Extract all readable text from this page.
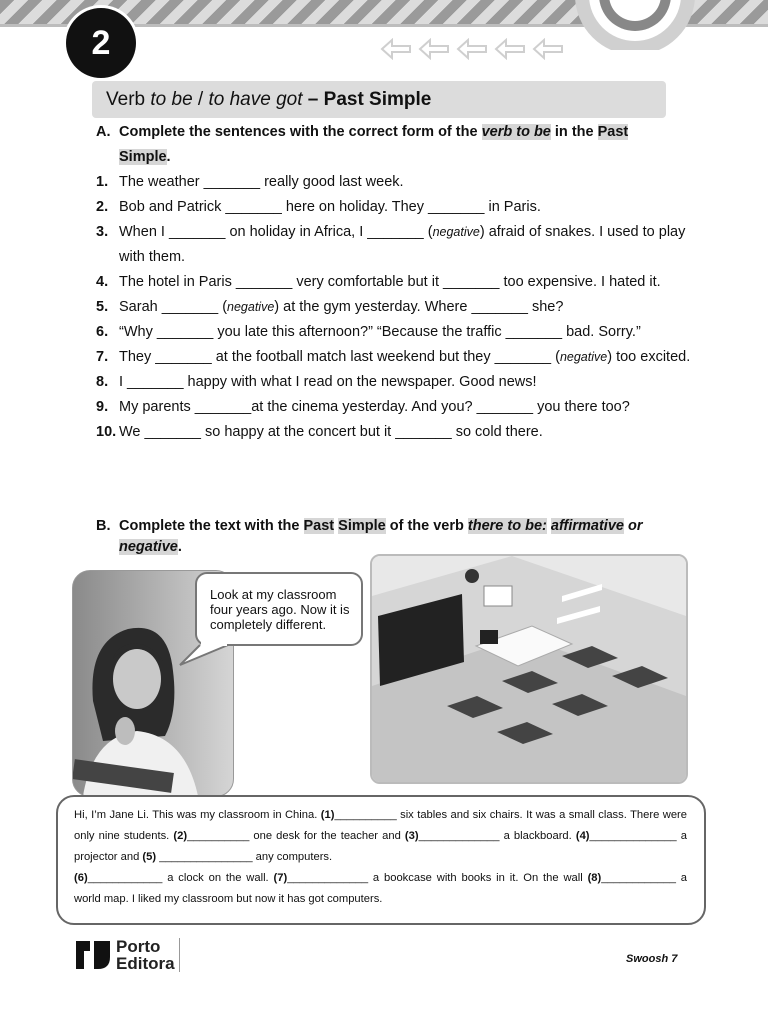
2
Verb to be / to have got – Past Simple
A. Complete the sentences with the correct form of the verb to be in the Past
Simple.

1. The weather _______ really good last week.

2. Bob and Patrick _______ here on holiday. They _______ in Paris.

3. When I _______ on holiday in Africa, I _______ (negative) afraid of snakes. I used to play with them.

4. The hotel in Paris _______ very comfortable but it _______ too expensive. I hated it.

5. Sarah _______ (negative) at the gym yesterday. Where _______ she?

6. “Why _______ you late this afternoon?” “Because the traffic _______ bad. Sorry.”

7. They _______ at the football match last weekend but they _______ (negative) too excited.

8. I _______ happy with what I read on the newspaper. Good news!

9. My parents _______at the cinema yesterday. And you? _______ you there too?

10. We _______ so happy at the concert but it _______ so cold there.

B. Complete the text with the Past Simple of the verb there to be: affirmative or
negative.
Look at my classroom four years ago. Now it is completely different.

Hi, I’m Jane Li. This was my classroom in China. (1)__________ six tables and six chairs. It was a small class. There were only nine students. (2)__________ one desk for the teacher and (3)_____________ a blackboard. (4)______________ a projector and (5) _______________ any computers.
(6)____________ a clock on the wall. (7)_____________ a bookcase with books in it. On the wall (8)____________ a world map. I liked my classroom but now it has got computers.

Porto
Editora	Swoosh 7
